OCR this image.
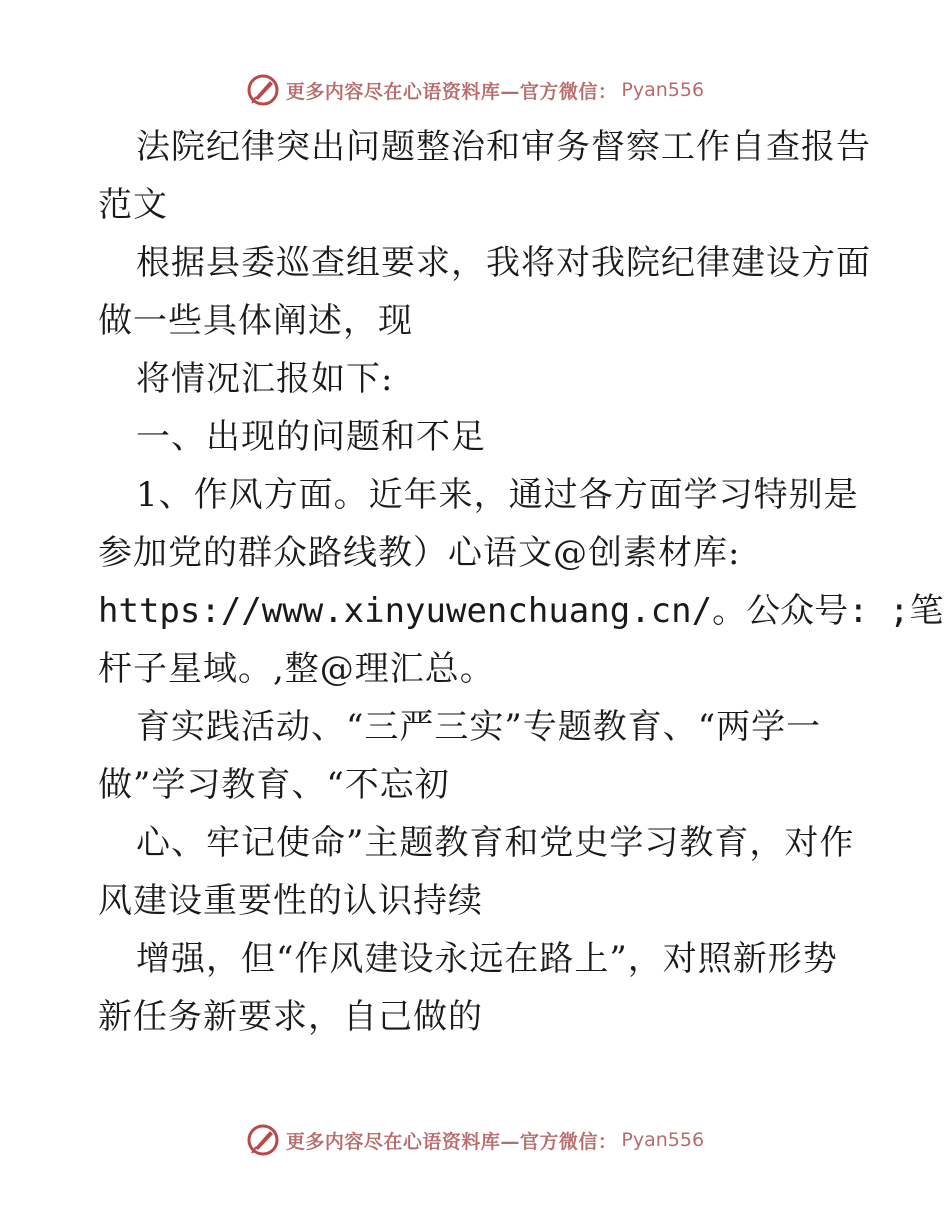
更多内容尽在心语资料库—官方微信： Pyan556
法院纪律突出问题整治和审务督察工作自查报告
范文
根据县委巡查组要求，我将对我院纪律建设方面
做一些具体阐述，现
将情况汇报如下:
一、出现的问题和不足
1、作风方面。近年来，通过各方面学习特别是
参加党的群众路线教）心语文@创素材库:
https://www.xinyuwenchuang.cn/。公众号: ;笔
杆子星域。,整@理汇总。
育实践活动、“三严三实”专题教育、“两学一
做”学习教育、“不忘初
心、牢记使命”主题教育和党史学习教育，对作
风建设重要性的认识持续
增强，但“作风建设永远在路上”，对照新形势
新任务新要求，自己做的
更多内容尽在心语资料库—官方微信： Pyan556
